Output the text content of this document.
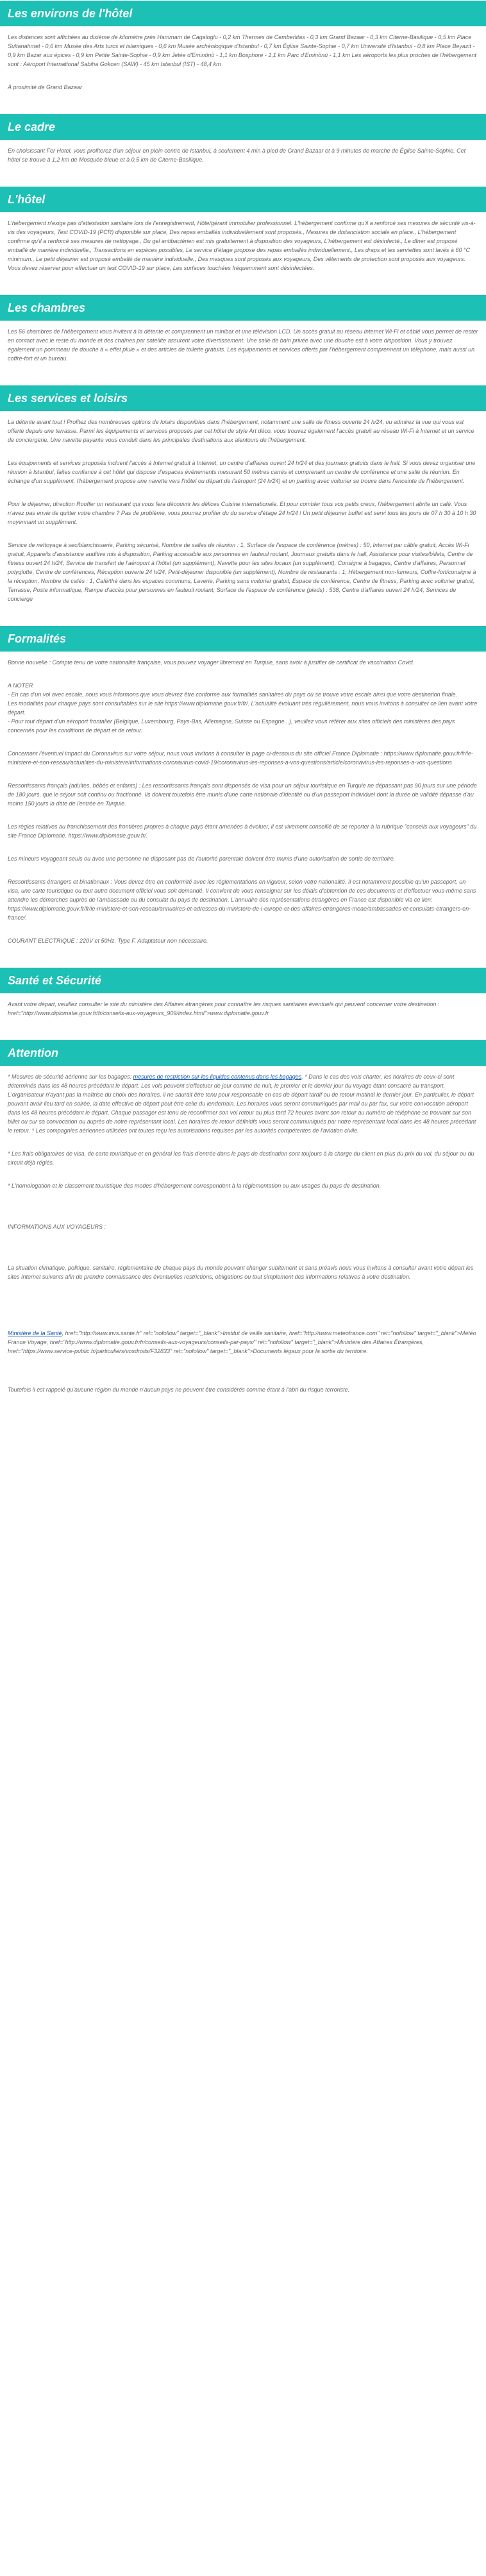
Les environs de l'hôtel

Les distances sont affichées au dixième de kilomètre près Hammam de Cagaloglu - 0,2 km Thermes de Cemberlitas - 0,3 km Grand Bazaar - 0,3 km Citerne-Basilique - 0,5 km Place Sultanahmet - 0,6 km Musée des Arts turcs et islamiques - 0,6 km Musée archéologique d'Istanbul - 0,7 km Église Sainte-Sophie - 0,7 km Université d'Istanbul - 0,8 km Place Beyazit - 0,9 km Bazar aux épices - 0,9 km Petite Sainte-Sophie - 0,9 km Jetée d'Eminönü - 1,1 km Bosphore - 1,1 km Parc d'Eminönü - 1,1 km Les aéroports les plus proches de l'hébergement sont : Aéroport International Sabiha Gokcen (SAW) - 45 km Istanbul (IST) - 48,4 km

À proximité de Grand Bazaar

Le cadre

En choisissant Fer Hotel, vous profiterez d'un séjour en plein centre de Istanbul, à seulement 4 min à pied de Grand Bazaar et à 9 minutes de marche de Église Sainte-Sophie. Cet hôtel se trouve à 1,2 km de Mosquée bleue et à 0,5 km de Citerne-Basilique.

L'hôtel

L'hébergement n'exige pas d'attestation sanitaire lors de l'enregistrement, Hôte/gérant immobilier professionnel. L'hébergement confirme qu'il a renforcé ses mesures de sécurité vis-à-vis des voyageurs, Test COVID-19 (PCR) disponible sur place, Des repas emballés individuellement sont proposés., Mesures de distanciation sociale en place., L'hébergement confirme qu'il a renforcé ses mesures de nettoyage., Du gel antibactérien est mis gratuitement à disposition des voyageurs, L'hébergement est désinfecté., Le dîner est proposé emballé de manière individuelle., Transactions en espèces possibles, Le service d'étage propose des repas emballés individuellement., Les draps et les serviettes sont lavés à 60 °C minimum., Le petit déjeuner est proposé emballé de manière individuelle., Des masques sont proposés aux voyageurs, Des vêtements de protection sont proposés aux voyageurs. Vous devez réserver pour effectuer un test COVID-19 sur place, Les surfaces touchées fréquemment sont désinfectées.

Les chambres

Les 56 chambres de l'hébergement vous invitent à la détente et comprennent un minibar et une télévision LCD. Un accès gratuit au réseau Internet Wi-Fi et câblé vous permet de rester en contact avec le reste du monde et des chaînes par satellite assurent votre divertissement. Une salle de bain privée avec une douche est à votre disposition. Vous y trouvez également un pommeau de douche à « effet pluie » et des articles de toilette gratuits. Les équipements et services offerts par l'hébergement comprennent un téléphone, mais aussi un coffre-fort et un bureau.

Les services et loisirs

La détente avant tout ! Profitez des nombreuses options de loisirs disponibles dans l'hébergement, notamment une salle de fitness ouverte 24 h/24, ou admirez la vue qui vous est offerte depuis une terrasse. Parmi les équipements et services proposés par cet hôtel de style Art déco, vous trouvez également l'accès gratuit au réseau Wi-Fi à Internet et un service de conciergerie. Une navette payante vous conduit dans les principales destinations aux alentours de l'hébergement.

Les équipements et services proposés incluent l'accès à Internet gratuit à Internet, un centre d'affaires ouvert 24 h/24 et des journaux gratuits dans le hall. Si vous devez organiser une réunion à Istanbul, faites confiance à cet hôtel qui dispose d'espaces événements mesurant 50 mètres carrés et comprenant un centre de conférence et une salle de réunion. En échange d'un supplément, l'hébergement propose une navette vers l'hôtel ou départ de l'aéroport (24 h/24) et un parking avec voiturier se trouve dans l'enceinte de l'hébergement.

Pour le déjeuner, direction Rooffer un restaurant qui vous fera découvrir les délices Cuisine internationale. Et pour combler tous vos petits creux, l'hébergement abrite un café. Vous n'avez pas envie de quitter votre chambre ? Pas de problème, vous pourrez profiter du du service d'étage 24 h/24 ! Un petit déjeuner buffet est servi tous les jours de 07 h 30 à 10 h 30 moyennant un supplément.

Service de nettoyage à sec/blanchisserie, Parking sécurisé, Nombre de salles de réunion : 1, Surface de l'espace de conférence (mètres) : 50, Internet par câble gratuit, Accès Wi-Fi gratuit, Appareils d'assistance auditive mis à disposition, Parking accessible aux personnes en fauteuil roulant, Journaux gratuits dans le hall, Assistance pour visites/billets, Centre de fitness ouvert 24 h/24, Service de transfert de l'aéroport à l'hôtel (un supplément), Navette pour les sites locaux (un supplément), Consigne à bagages, Centre d'affaires, Personnel polyglotte, Centre de conférences, Réception ouverte 24 h/24, Petit-déjeuner disponible (un supplément), Nombre de restaurants : 1, Hébergement non-fumeurs, Coffre-fort/consigne à la réception, Nombre de cafés : 1, Café/thé dans les espaces communs, Laverie, Parking sans voiturier gratuit, Espace de conférence, Centre de fitness, Parking avec voiturier gratuit, Terrasse, Poste informatique, Rampe d'accès pour personnes en fauteuil roulant, Surface de l'espace de conférence (pieds) : 538, Centre d'affaires ouvert 24 h/24, Services de concierge

Formalités

Bonne nouvelle : Compte tenu de votre nationalité française, vous pouvez voyager librement en Turquie, sans avoir à justifier de certificat de vaccination Covid.

A NOTER

- En cas d'un vol avec escale, nous vous informons que vous devrez être conforme aux formalités sanitaires du pays où se trouve votre escale ainsi que votre destination finale.
Les modalités pour chaque pays sont consultables sur le site https://www.diplomatie.gouv.fr/fr/. L'actualité évoluant très régulièrement, nous vous invitons à consulter ce lien avant votre départ.
- Pour tout départ d'un aéroport frontalier (Belgique, Luxembourg, Pays-Bas, Allemagne, Suisse ou Espagne...), veuillez vous référer aux sites officiels des ministères des pays concernés pour les conditions de départ et de retour.

Concernant l'éventuel impact du Coronavirus sur votre séjour, nous vous invitons à consulter la page ci-dessous du site officiel France Diplomatie : https://www.diplomatie.gouv.fr/fr/le-ministere-et-son-reseau/actualites-du-ministere/informations-coronavirus-covid-19/coronavirus-les-reponses-a-vos-questions/article/coronavirus-les-reponses-a-vos-questions

Ressortissants français (adultes, bébés et enfants) : Les ressortissants français sont dispensés de visa pour un séjour touristique en Turquie ne dépassant pas 90 jours sur une période de 180 jours, que le séjour soit continu ou fractionné. Ils doivent toutefois être munis d'une carte nationale d'identité ou d'un passeport individuel dont la durée de validité dépasse d'au moins 150 jours la date de l'entrée en Turquie.

Les règles relatives au franchissement des frontières propres à chaque pays étant amenées à évoluer, il est vivement conseillé de se reporter à la rubrique "conseils aux voyageurs" du site France Diplomatie. https://www.diplomatie.gouv.fr/.

Les mineurs voyageant seuls ou avec une personne ne disposant pas de l'autorité parentale doivent être munis d'une autorisation de sortie de territoire.

Ressortissants étrangers et binationaux : Vous devez être en conformité avec les réglementations en vigueur, selon votre nationalité. Il est notamment possible qu'un passeport, un visa, une carte touristique ou tout autre document officiel vous soit demandé. Il convient de vous renseigner sur les délais d'obtention de ces documents et d'effectuer vous-même sans attendre les démarches auprès de l'ambassade ou du consulat du pays de destination. L'annuaire des représentations étrangères en France est disponible via ce lien: https://www.diplomatie.gouv.fr/fr/le-ministere-et-son-reseau/annuaires-et-adresses-du-ministere-de-l-europe-et-des-affaires-etrangeres-meae/ambassades-et-consulats-etrangers-en-france/.

COURANT ELECTRIQUE : 220V et 50Hz. Type F. Adaptateur non nécessaire.

Santé et Sécurité

Avant votre départ, veuillez consulter le site du ministère des Affaires étrangères pour connaître les risques sanitaires éventuels qui peuvent concerner votre destination : href="http://www.diplomatie.gouv.fr/fr/conseils-aux-voyageurs_909/index.html">www.diplomatie.gouv.fr

Attention

* Mesures de sécurité aérienne sur les bagages: mesures de restriction sur les liquides contenus dans les bagages. * Dans le cas des vols charter, les horaires de ceux-ci sont déterminés dans les 48 heures précédant le départ. Les vols peuvent s'effectuer de jour comme de nuit, le premier et le dernier jour du voyage étant consacré au transport. L'organisateur n'ayant pas la maîtrise du choix des horaires, il ne saurait être tenu pour responsable en cas de départ tardif ou de retour matinal le dernier jour. En particulier, le départ pouvant avoir lieu tard en soirée, la date effective de départ peut être celle du lendemain. Les horaires vous seront communiqués par mail ou par fax, sur votre convocation aéroport dans les 48 heures précédant le départ. Chaque passager est tenu de reconfirmer son vol retour au plus tard 72 heures avant son retour au numéro de téléphone se trouvant sur son billet ou sur sa convocation ou auprès de notre représentant local. Les horaires de retour définitifs vous seront communiqués par notre représentant local dans les 48 heures précédant le retour. * Les compagnies aériennes utilisées ont toutes reçu les autorisations requises par les autorités compétentes de l'aviation civile.

* Les frais obligatoires de visa, de carte touristique et en général les frais d'entrée dans le pays de destination sont toujours à la charge du client en plus du prix du vol, du séjour ou du circuit déjà réglés.

* L'homologation et le classement touristique des modes d'hébergement correspondent à la réglementation ou aux usages du pays de destination.

INFORMATIONS AUX VOYAGEURS :

La situation climatique, politique, sanitaire, réglementaire de chaque pays du monde pouvant changer subitement et sans préavis nous vous invitons à consulter avant votre départ les sites Internet suivants afin de prendre connaissance des éventuelles restrictions, obligations ou tout simplement des informations relatives à votre destination.

Ministère de la Santé, href="http://www.invs.sante.fr" rel="nofollow" target="_blank">Institut de veille sanitaire, href="http://www.meteofrance.com" rel="nofollow" target="_blank">Météo France Voyage, href="http://www.diplomatie.gouv.fr/fr/conseils-aux-voyageurs/conseils-par-pays/" rel="nofollow" target="_blank">Ministère des Affaires Étrangères, href="https://www.service-public.fr/particuliers/vosdroits/F32833" rel="nofollow" target="_blank">Documents légaux pour la sortie du territoire.

Toutefois il est rappelé qu'aucune région du monde n'aucun pays ne peuvent être considérés comme étant à l'abri du risque terroriste.
